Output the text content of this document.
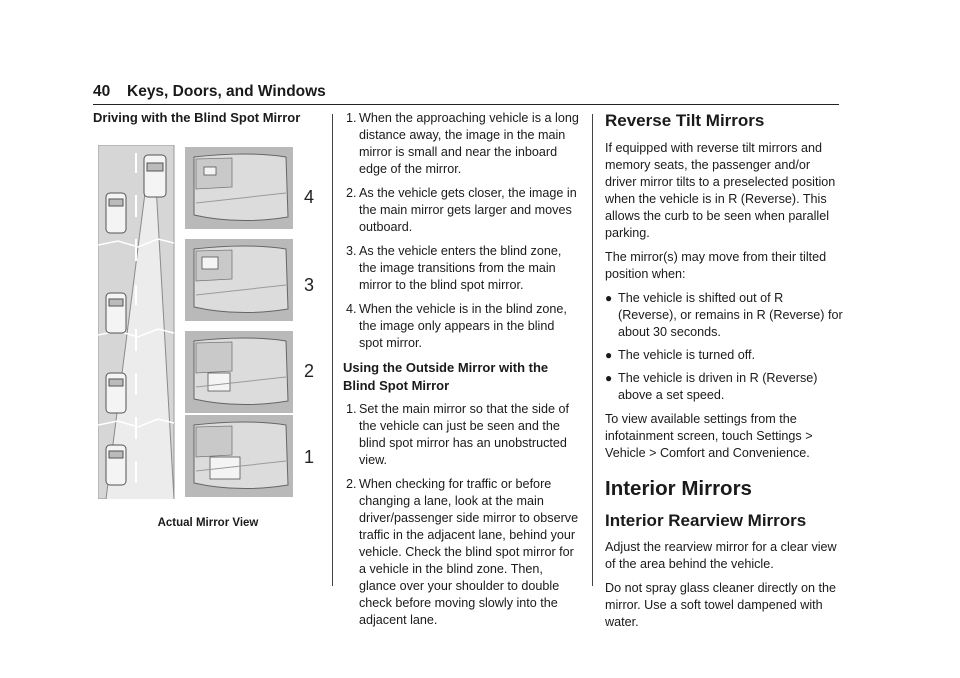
40 Keys, Doors, and Windows
Driving with the Blind Spot Mirror
4
3
2
1
Actual Mirror View
1. When the approaching vehicle is a long distance away, the image in the main mirror is small and near the inboard edge of the mirror.
2. As the vehicle gets closer, the image in the main mirror gets larger and moves outboard.
3. As the vehicle enters the blind zone, the image transitions from the main mirror to the blind spot mirror.
4. When the vehicle is in the blind zone, the image only appears in the blind spot mirror.
Using the Outside Mirror with the Blind Spot Mirror
1. Set the main mirror so that the side of the vehicle can just be seen and the blind spot mirror has an unobstructed view.
2. When checking for traffic or before changing a lane, look at the main driver/passenger side mirror to observe traffic in the adjacent lane, behind your vehicle. Check the blind spot mirror for a vehicle in the blind zone. Then, glance over your shoulder to double check before moving slowly into the adjacent lane.
Reverse Tilt Mirrors

If equipped with reverse tilt mirrors and memory seats, the passenger and/or driver mirror tilts to a preselected position when the vehicle is in R (Reverse). This allows the curb to be seen when parallel parking.

The mirror(s) may move from their tilted position when:

● The vehicle is shifted out of R (Reverse), or remains in R (Reverse) for about 30 seconds.
● The vehicle is turned off.
● The vehicle is driven in R (Reverse) above a set speed.

To view available settings from the infotainment screen, touch Settings > Vehicle > Comfort and Convenience.

Interior Mirrors
Interior Rearview Mirrors

Adjust the rearview mirror for a clear view of the area behind the vehicle.

Do not spray glass cleaner directly on the mirror. Use a soft towel dampened with water.
